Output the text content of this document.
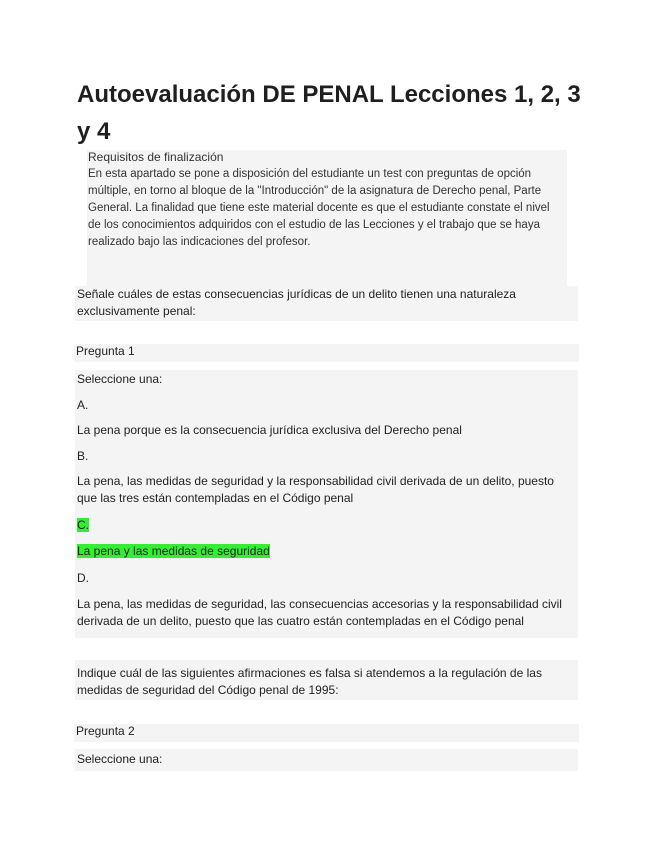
Autoevaluación DE PENAL Lecciones 1, 2, 3 y 4
Requisitos de finalización
En esta apartado se pone a disposición del estudiante un test con preguntas de opción múltiple, en torno al bloque de la "Introducción" de la asignatura de Derecho penal, Parte General. La finalidad que tiene este material docente es que el estudiante constate el nivel de los conocimientos adquiridos con el estudio de las Lecciones y el trabajo que se haya realizado bajo las indicaciones del profesor.
Señale cuáles de estas consecuencias jurídicas de un delito tienen una naturaleza exclusivamente penal:
Pregunta 1
Seleccione una:
A.
La pena porque es la consecuencia jurídica exclusiva del Derecho penal
B.
La pena, las medidas de seguridad y la responsabilidad civil derivada de un delito, puesto que las tres están contempladas en el Código penal
C.
La pena y las medidas de seguridad
D.
La pena, las medidas de seguridad, las consecuencias accesorias y la responsabilidad civil derivada de un delito, puesto que las cuatro están contempladas en el Código penal
Indique cuál de las siguientes afirmaciones es falsa si atendemos a la regulación de las medidas de seguridad del Código penal de 1995:
Pregunta 2
Seleccione una:
